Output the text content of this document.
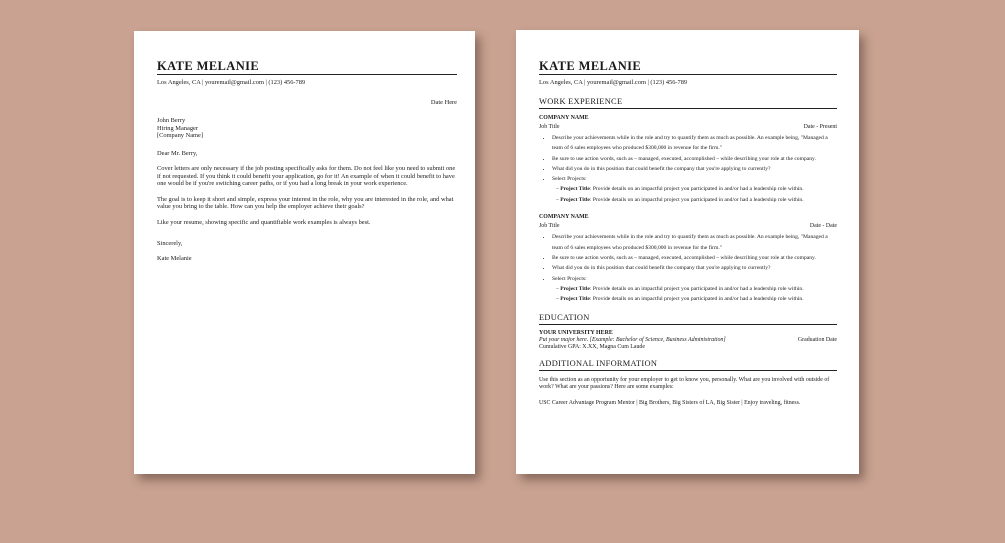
KATE MELANIE
Los Angeles, CA | youremail@gmail.com | (123) 456-789
Date Here
John Berry
Hiring Manager
[Company Name]

Dear Mr. Berry,

Cover letters are only necessary if the job posting specifically asks for them. Do not feel like you need to submit one if not requested. If you think it could benefit your application, go for it! An example of when it could benefit to have one would be if you're switching career paths, or if you had a long break in your work experience.

The goal is to keep it short and simple, express your interest in the role, why you are interested in the role, and what value you bring to the table. How can you help the employer achieve their goals?

Like your resume, showing specific and quantifiable work examples is always best.

Sincerely,

Kate Melanie
KATE MELANIE
Los Angeles, CA | youremail@gmail.com | (123) 456-789
WORK EXPERIENCE
COMPANY NAME
Job Title	Date - Present
• Describe your achievements while in the role and try to quantify them as much as possible. An example being, "Managed a team of 6 sales employees who produced $300,000 in revenue for the firm."
• Be sure to use action words, such as – managed, executed, accomplished – while describing your role at the company.
• What did you do in this position that could benefit the company that you're applying to currently?
• Select Projects:
– Project Title: Provide details on an impactful project you participated in and/or had a leadership role within.
– Project Title: Provide details on an impactful project you participated in and/or had a leadership role within.
COMPANY NAME
Job Title	Date - Date
• Describe your achievements while in the role and try to quantify them as much as possible. An example being, "Managed a team of 6 sales employees who produced $300,000 in revenue for the firm."
• Be sure to use action words, such as – managed, executed, accomplished – while describing your role at the company.
• What did you do in this position that could benefit the company that you're applying to currently?
• Select Projects:
– Project Title: Provide details on an impactful project you participated in and/or had a leadership role within.
– Project Title: Provide details on an impactful project you participated in and/or had a leadership role within.
EDUCATION
YOUR UNIVERSITY HERE
Put your major here. [Example: Bachelor of Science, Business Administration]	Graduation Date
Cumulative GPA: X.XX, Magna Cum Laude
ADDITIONAL INFORMATION
Use this section as an opportunity for your employer to get to know you, personally. What are you involved with outside of work? What are your passions? Here are some examples:
USC Career Advantage Program Mentor | Big Brothers, Big Sisters of LA, Big Sister | Enjoy traveling, fitness.
